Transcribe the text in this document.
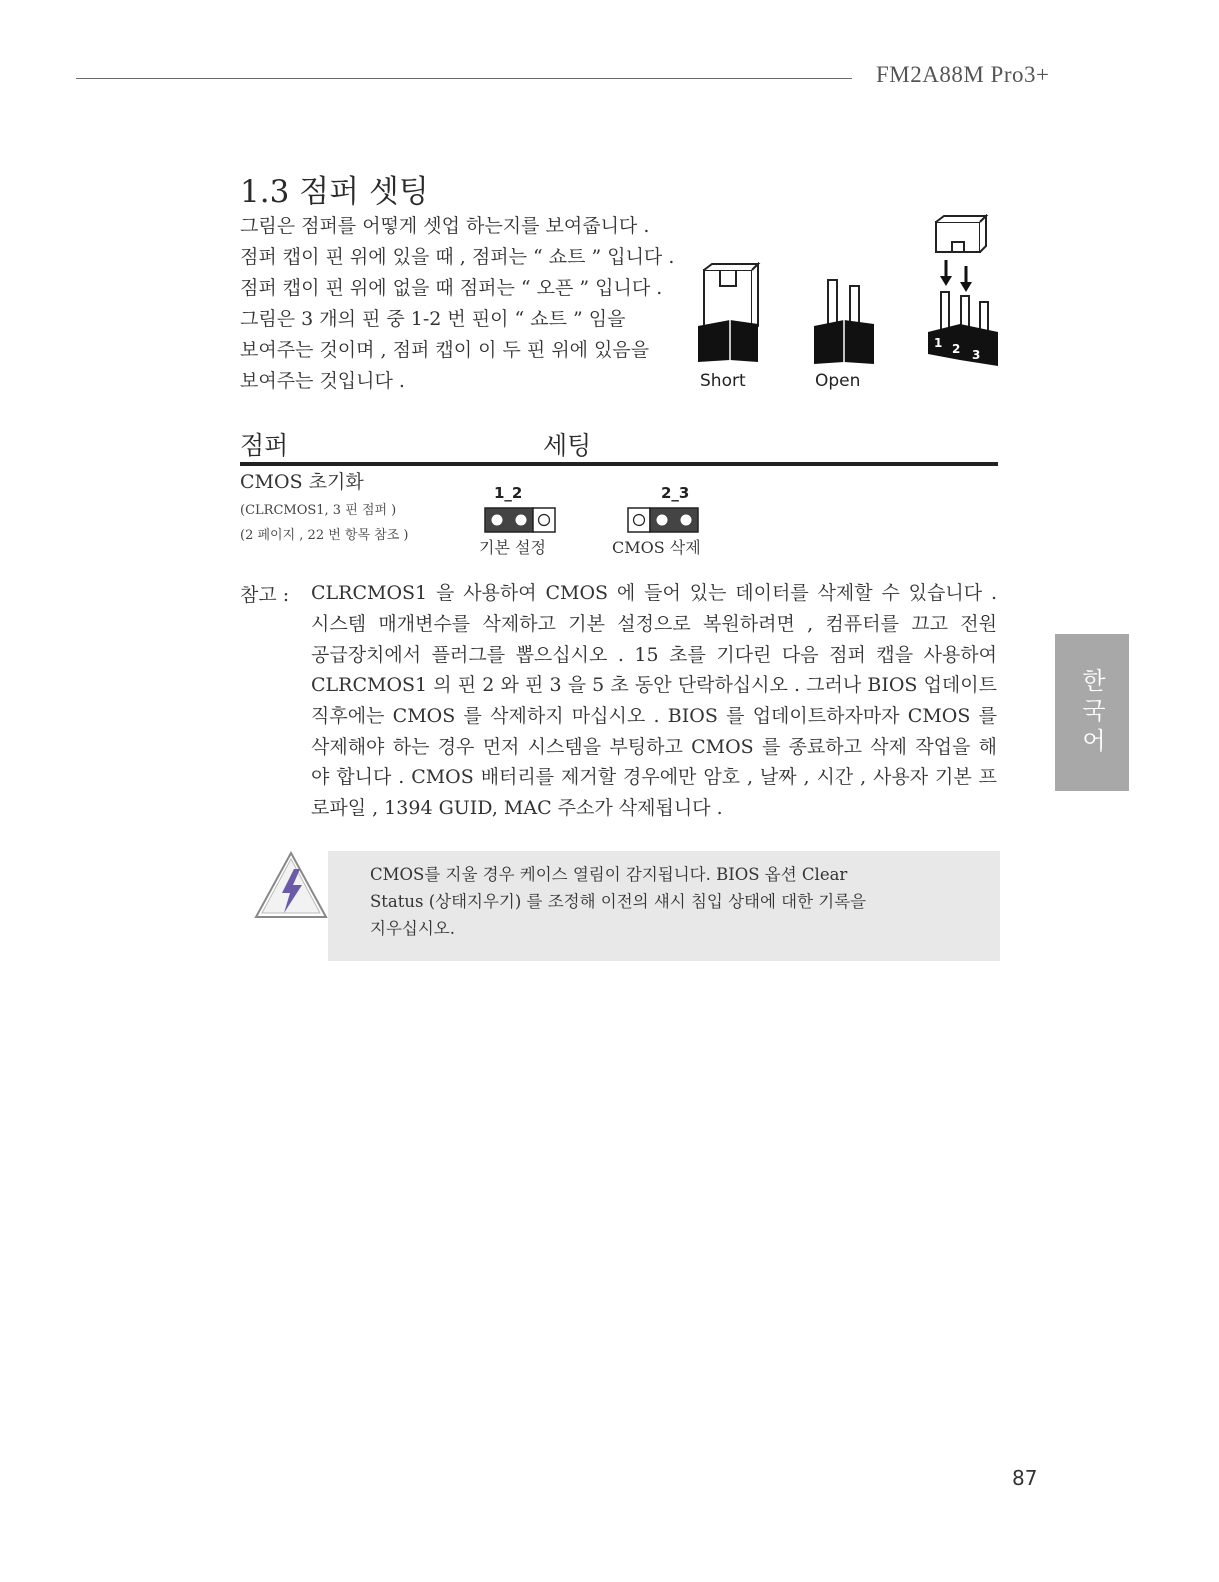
FM2A88M Pro3+
1.3 점퍼 셋팅
그림은 점퍼를 어떻게 셋업 하는지를 보여줍니다 .
점퍼 캡이 핀 위에 있을 때 , 점퍼는 “ 쇼트 ” 입니다 .
점퍼 캡이 핀 위에 없을 때 점퍼는 “ 오픈 ” 입니다 .
그림은 3 개의 핀 중 1-2 번 핀이 “ 쇼트 ” 임을
보여주는 것이며 , 점퍼 캡이 이 두 핀 위에 있음을
보여주는 것입니다 .
1 2 3
Short	Open
점퍼	세팅
CMOS 초기화
(CLRCMOS1, 3 핀 점퍼 )
(2 페이지 , 22 번 항목 참조 )
1_2
기본 설정
2_3
CMOS 삭제
참고 : CLRCMOS1 을 사용하여 CMOS 에 들어 있는 데이터를 삭제할 수 있습니다 .
시스템 매개변수를 삭제하고 기본 설정으로 복원하려면 , 컴퓨터를 끄고 전원
공급장치에서 플러그를 뽑으십시오 . 15 초를 기다린 다음 점퍼 캡을 사용하여
CLRCMOS1 의 핀 2 와 핀 3 을 5 초 동안 단락하십시오 . 그러나 BIOS 업데이트
직후에는 CMOS 를 삭제하지 마십시오 . BIOS 를 업데이트하자마자 CMOS 를
삭제해야 하는 경우 먼저 시스템을 부팅하고 CMOS 를 종료하고 삭제 작업을 해
야 합니다 . CMOS 배터리를 제거할 경우에만 암호 , 날짜 , 시간 , 사용자 기본 프
로파일 , 1394 GUID, MAC 주소가 삭제됩니다 .
CMOS를 지울 경우 케이스 열림이 감지됩니다. BIOS 옵션 Clear
Status (상태지우기) 를 조정해 이전의 섀시 침입 상태에 대한 기록을
지우십시오.
한국어
87
